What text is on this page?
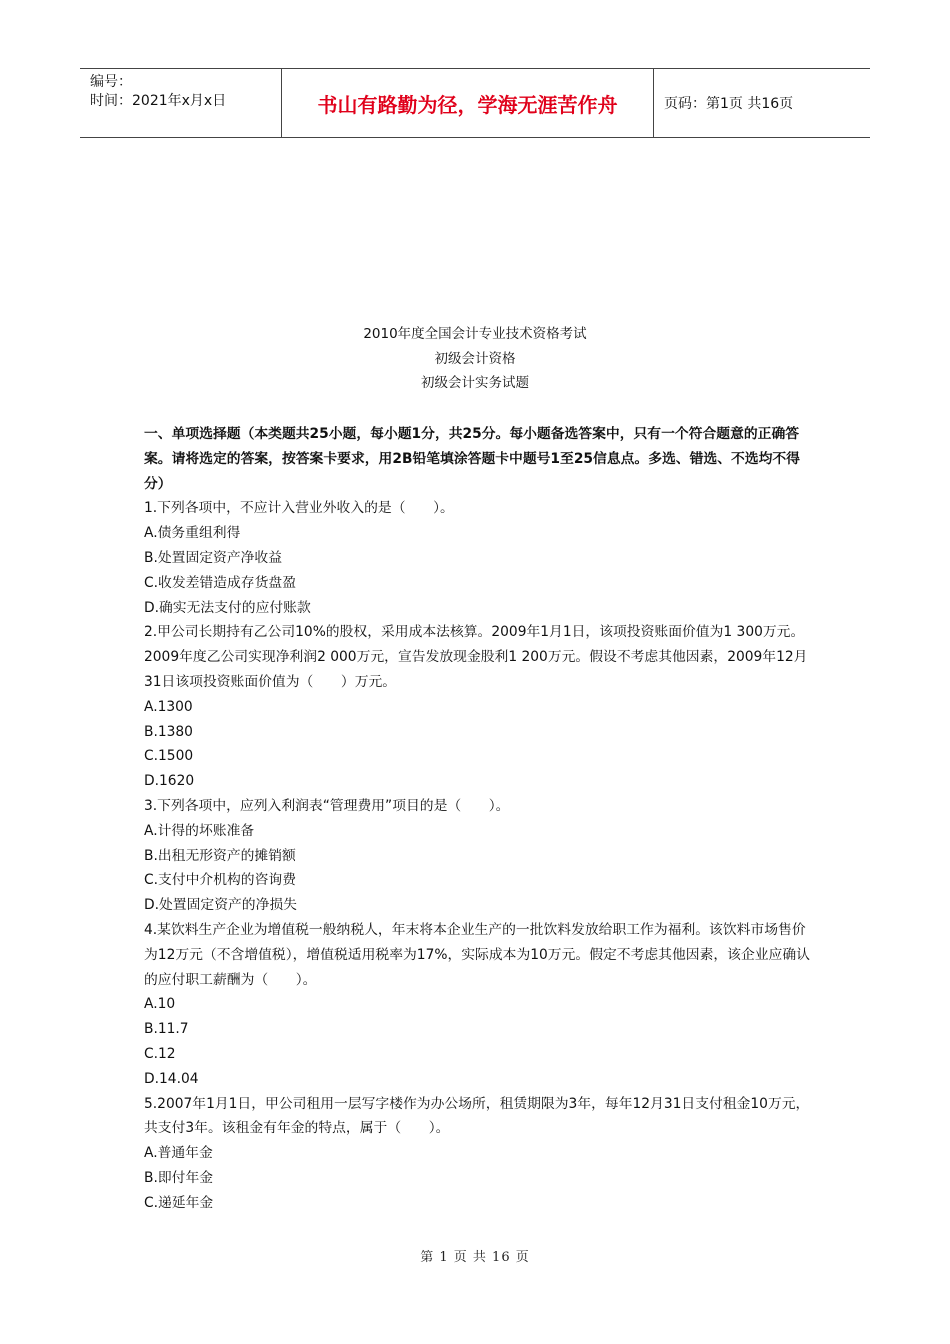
编号：
时间：2021年x月x日	书山有路勤为径，学海无涯苦作舟	页码：第1页 共16页
2010年度全国会计专业技术资格考试
初级会计资格
初级会计实务试题

一、单项选择题（本类题共25小题，每小题1分，共25分。每小题备选答案中，只有一个符合题意的正确答案。请将选定的答案，按答案卡要求，用2B铅笔填涂答题卡中题号1至25信息点。多选、错选、不选均不得分）

1.下列各项中，不应计入营业外收入的是（　　）。

A.债务重组利得

B.处置固定资产净收益

C.收发差错造成存货盘盈

D.确实无法支付的应付账款

2.甲公司长期持有乙公司10%的股权，采用成本法核算。2009年1月1日，该项投资账面价值为1 300万元。2009年度乙公司实现净利润2 000万元，宣告发放现金股利1 200万元。假设不考虑其他因素，2009年12月31日该项投资账面价值为（　　）万元。

A.1300

B.1380

C.1500

D.1620

3.下列各项中，应列入利润表“管理费用”项目的是（　　）。

A.计得的坏账准备

B.出租无形资产的摊销额

C.支付中介机构的咨询费

D.处置固定资产的净损失

4.某饮料生产企业为增值税一般纳税人，年末将本企业生产的一批饮料发放给职工作为福利。该饮料市场售价为12万元（不含增值税），增值税适用税率为17%，实际成本为10万元。假定不考虑其他因素，该企业应确认的应付职工薪酬为（　　）。

A.10

B.11.7

C.12

D.14.04

5.2007年1月1日，甲公司租用一层写字楼作为办公场所，租赁期限为3年，每年12月31日支付租金10万元，共支付3年。该租金有年金的特点，属于（　　）。

A.普通年金

B.即付年金

C.递延年金

第 1 页 共 16 页
